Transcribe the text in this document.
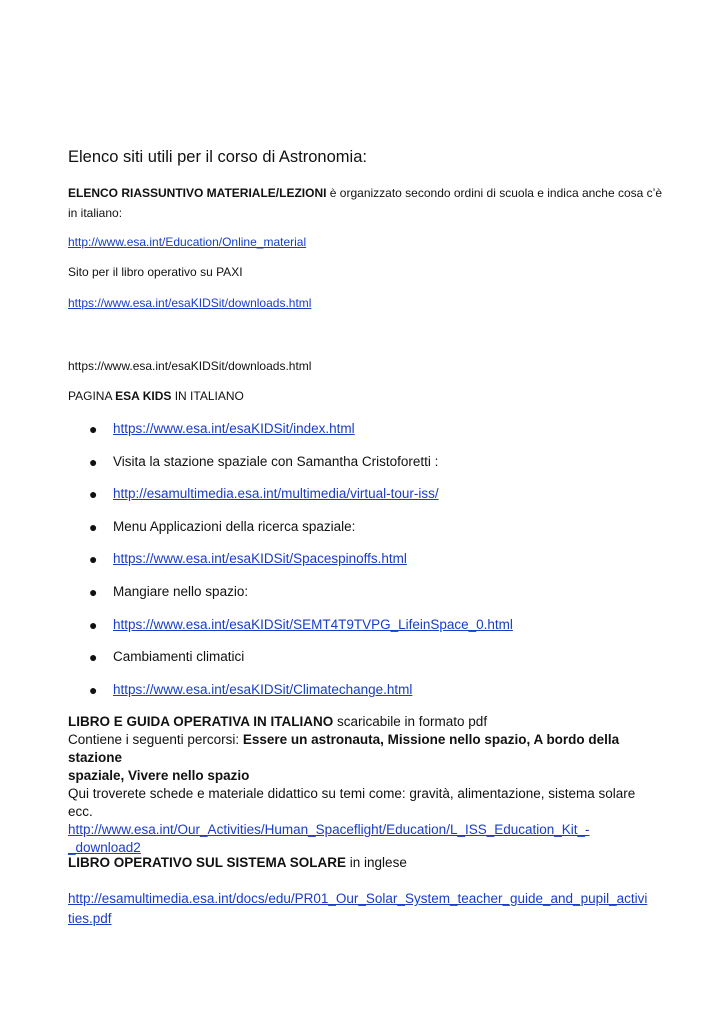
Elenco siti utili per il corso di Astronomia:
ELENCO RIASSUNTIVO MATERIALE/LEZIONI è organizzato secondo ordini di scuola e indica anche cosa c’è
in italiano:
http://www.esa.int/Education/Online_material
Sito per il libro operativo su PAXI
https://www.esa.int/esaKIDSit/downloads.html
https://www.esa.int/esaKIDSit/downloads.html
PAGINA ESA KIDS IN ITALIANO
● https://www.esa.int/esaKIDSit/index.html
● Visita la stazione spaziale con Samantha Cristoforetti :
● http://esamultimedia.esa.int/multimedia/virtual-tour-iss/
● Menu Applicazioni della ricerca spaziale:
● https://www.esa.int/esaKIDSit/Spacespinoffs.html
● Mangiare nello spazio:
● https://www.esa.int/esaKIDSit/SEMT4T9TVPG_LifeinSpace_0.html
● Cambiamenti climatici
● https://www.esa.int/esaKIDSit/Climatechange.html
LIBRO E GUIDA OPERATIVA IN ITALIANO scaricabile in formato pdf
Contiene i seguenti percorsi: Essere un astronauta, Missione nello spazio, A bordo della stazione
spaziale, Vivere nello spazio
Qui troverete schede e materiale didattico su temi come: gravità, alimentazione, sistema solare
ecc.
http://www.esa.int/Our_Activities/Human_Spaceflight/Education/L_ISS_Education_Kit_-
_download2
LIBRO OPERATIVO SUL SISTEMA SOLARE in inglese
http://esamultimedia.esa.int/docs/edu/PR01_Our_Solar_System_teacher_guide_and_pupil_activi
ties.pdf
